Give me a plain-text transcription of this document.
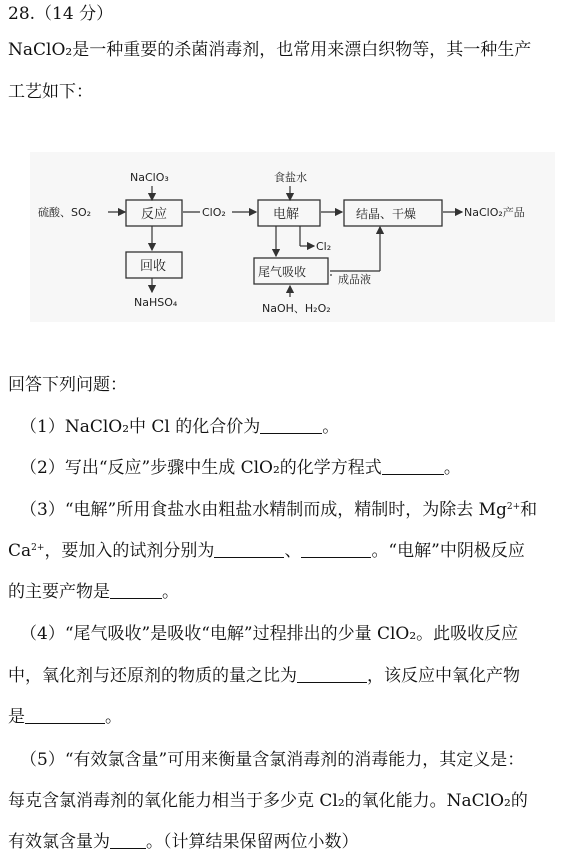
28.（14 分）
NaClO₂是一种重要的杀菌消毒剂，也常用来漂白织物等，其一种生产
工艺如下：
NaClO₃
硫酸、SO₂	反应	ClO₂
食盐水
电解	结晶、干燥	NaClO₂产品
Cl₂
回收
NaHSO₄
尾气吸收
成品液
NaOH、H₂O₂
回答下列问题：
（1）NaClO₂中 Cl 的化合价为	。
（2）写出“反应”步骤中生成 ClO₂的化学方程式	。
（3）“电解”所用食盐水由粗盐水精制而成，精制时，为除去 $Mg^{2+}$和
$Ca^{2+}$，要加入的试剂分别为	、	。“电解”中阴极反应
的主要产物是	。
（4）“尾气吸收”是吸收“电解”过程排出的少量 ClO₂。此吸收反应
中，氧化剂与还原剂的物质的量之比为	，该反应中氧化产物
是	。
（5）“有效氯含量”可用来衡量含氯消毒剂的消毒能力，其定义是：
每克含氯消毒剂的氧化能力相当于多少克 Cl₂的氧化能力。NaClO₂的
有效氯含量为 。（计算结果保留两位小数）
